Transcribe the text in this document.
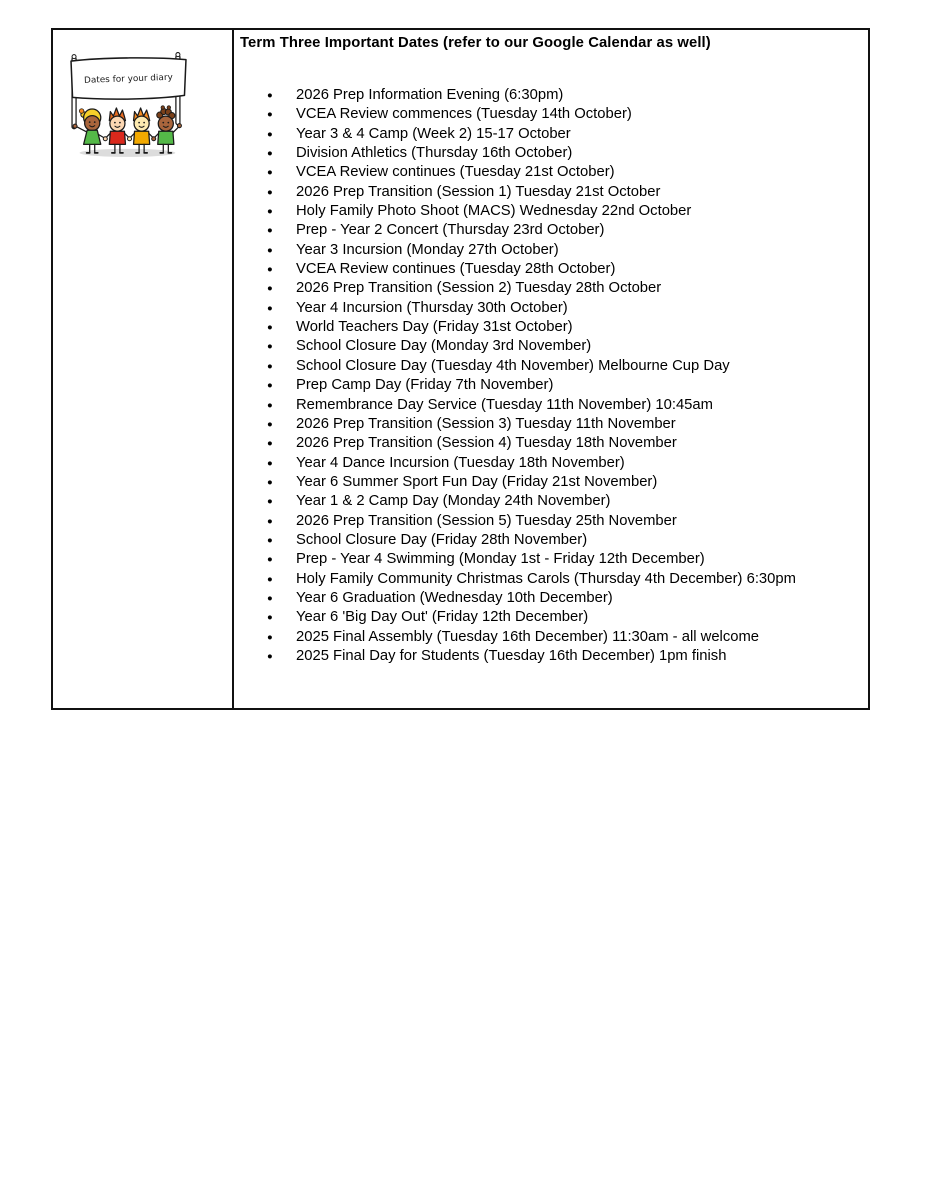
Dates for your diary
Term Three Important Dates (refer to our Google Calendar as well)
● 2026 Prep Information Evening (6:30pm)
● VCEA Review commences (Tuesday 14th October)
● Year 3 & 4 Camp (Week 2) 15-17 October
● Division Athletics (Thursday 16th October)
● VCEA Review continues (Tuesday 21st October)
● 2026 Prep Transition (Session 1) Tuesday 21st October
● Holy Family Photo Shoot (MACS) Wednesday 22nd October
● Prep - Year 2 Concert (Thursday 23rd October)
● Year 3 Incursion (Monday 27th October)
● VCEA Review continues (Tuesday 28th October)
● 2026 Prep Transition (Session 2) Tuesday 28th October
● Year 4 Incursion (Thursday 30th October)
● World Teachers Day (Friday 31st October)
● School Closure Day (Monday 3rd November)
● School Closure Day (Tuesday 4th November) Melbourne Cup Day
● Prep Camp Day (Friday 7th November)
● Remembrance Day Service (Tuesday 11th November) 10:45am
● 2026 Prep Transition (Session 3) Tuesday 11th November
● 2026 Prep Transition (Session 4) Tuesday 18th November
● Year 4 Dance Incursion (Tuesday 18th November)
● Year 6 Summer Sport Fun Day (Friday 21st November)
● Year 1 & 2 Camp Day (Monday 24th November)
● 2026 Prep Transition (Session 5) Tuesday 25th November
● School Closure Day (Friday 28th November)
● Prep - Year 4 Swimming (Monday 1st - Friday 12th December)
● Holy Family Community Christmas Carols (Thursday 4th December) 6:30pm
● Year 6 Graduation (Wednesday 10th December)
● Year 6 'Big Day Out' (Friday 12th December)
● 2025 Final Assembly (Tuesday 16th December) 11:30am - all welcome
● 2025 Final Day for Students (Tuesday 16th December) 1pm finish
